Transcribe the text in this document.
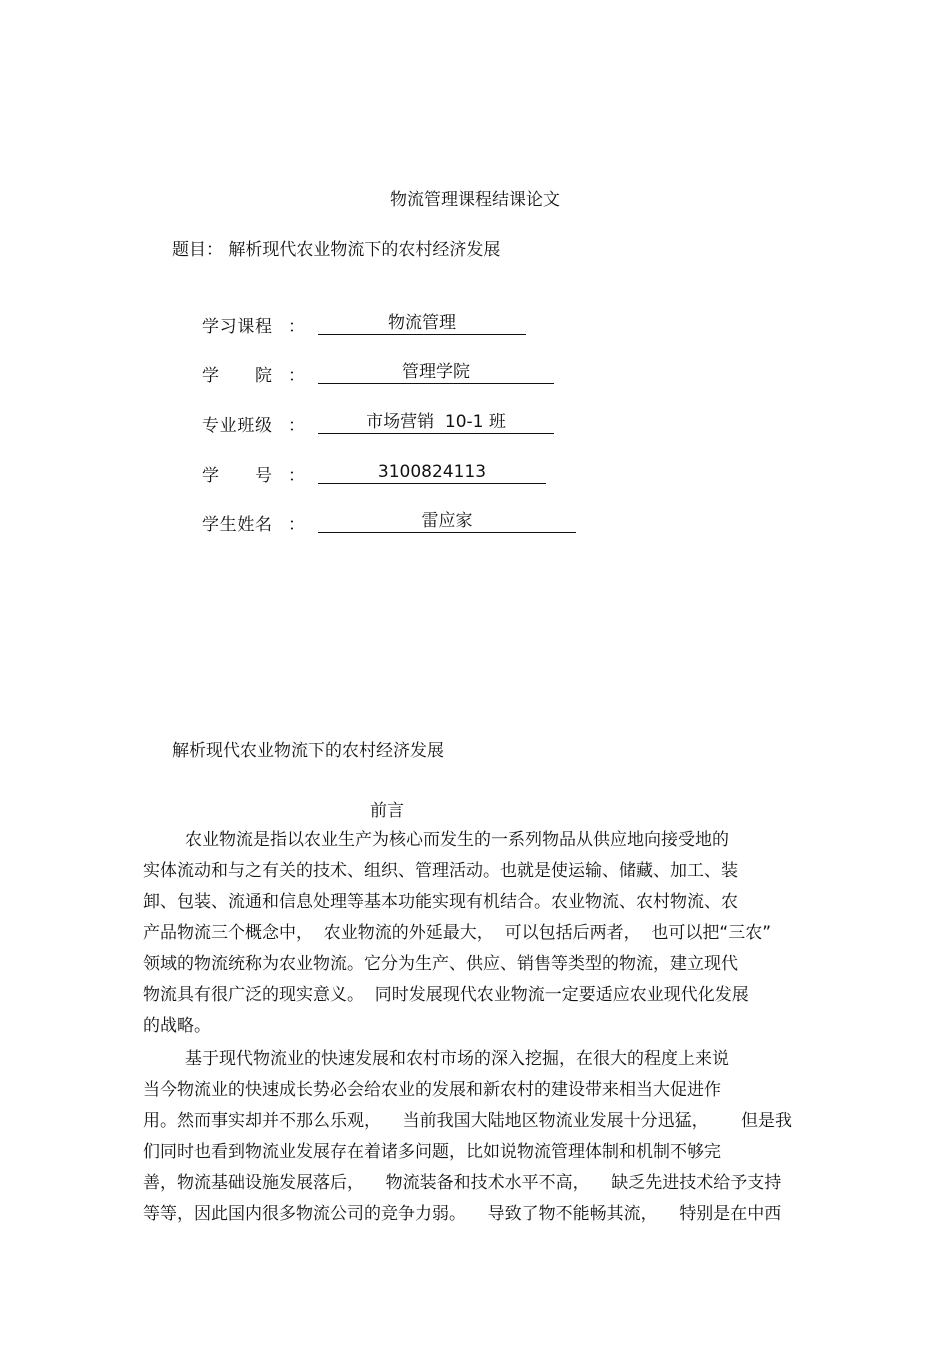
物流管理课程结课论文
题目： 解析现代农业物流下的农村经济发展
学习课程 ：	物流管理
学院 ：	管理学院
专业班级 ：	市场营销  10-1 班
学号 ：	3100824113
学生姓名 ：	雷应家
解析现代农业物流下的农村经济发展
前言
农业物流是指以农业生产为核心而发生的一系列物品从供应地向接受地的
实体流动和与之有关的技术、组织、管理活动。也就是使运输、储藏、加工、装
卸、包装、流通和信息处理等基本功能实现有机结合。农业物流、农村物流、农
产品物流三个概念中，  农业物流的外延最大，  可以包括后两者，  也可以把“三农”
领域的物流统称为农业物流。它分为生产、供应、销售等类型的物流，建立现代
物流具有很广泛的现实意义。  同时发展现代农业物流一定要适应农业现代化发展
的战略。
基于现代物流业的快速发展和农村市场的深入挖掘，在很大的程度上来说
当今物流业的快速成长势必会给农业的发展和新农村的建设带来相当大促进作
用。然而事实却并不那么乐观，    当前我国大陆地区物流业发展十分迅猛，      但是我
们同时也看到物流业发展存在着诸多问题，比如说物流管理体制和机制不够完
善，物流基础设施发展落后，    物流装备和技术水平不高，    缺乏先进技术给予支持
等等，因此国内很多物流公司的竞争力弱。    导致了物不能畅其流，    特别是在中西
